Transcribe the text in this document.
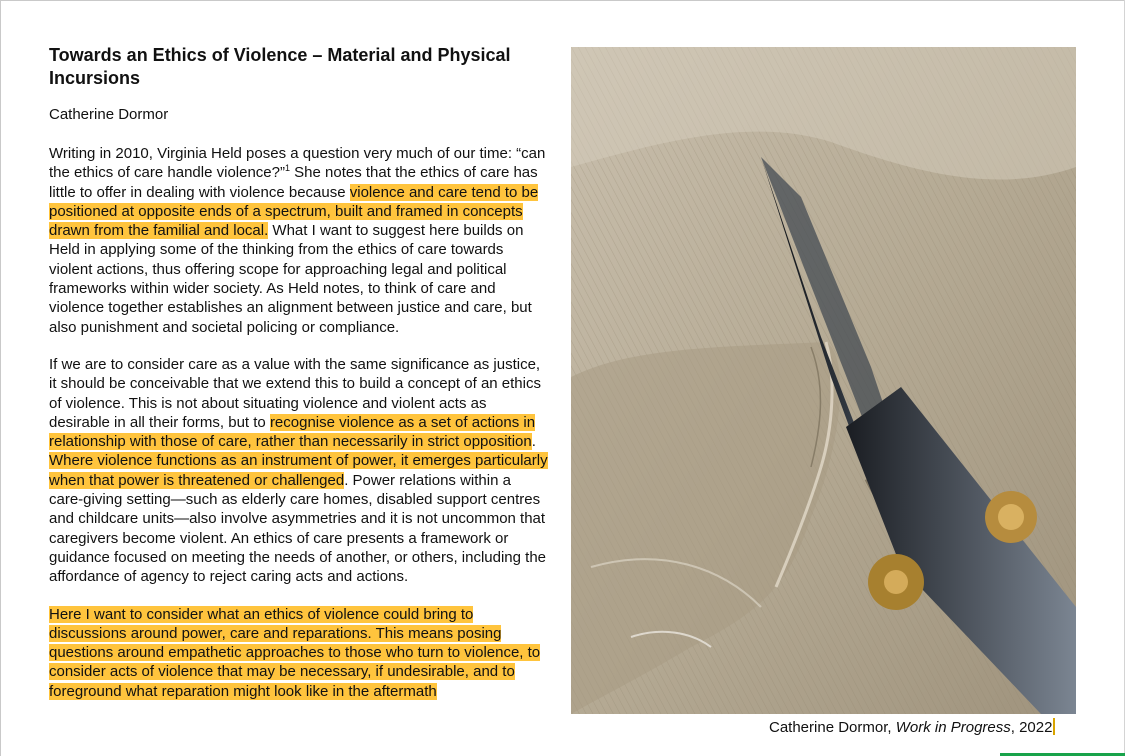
Towards an Ethics of Violence – Material and Physical Incursions

Catherine Dormor

Writing in 2010, Virginia Held poses a question very much of our time: “can the ethics of care handle violence?”$^1$ She notes that the ethics of care has little to offer in dealing with violence because violence and care tend to be positioned at opposite ends of a spectrum, built and framed in concepts drawn from the familial and local. What I want to suggest here builds on Held in applying some of the thinking from the ethics of care towards violent actions, thus offering scope for approaching legal and political frameworks within wider society. As Held notes, to think of care and violence together establishes an alignment between justice and care, but also punishment and societal policing or compliance.

If we are to consider care as a value with the same significance as justice, it should be conceivable that we extend this to build a concept of an ethics of violence. This is not about situating violence and violent acts as desirable in all their forms, but to recognise violence as a set of actions in relationship with those of care, rather than necessarily in strict opposition. Where violence functions as an instrument of power, it emerges particularly when that power is threatened or challenged. Power relations within a care-giving setting—such as elderly care homes, disabled support centres and childcare units—also involve asymmetries and it is not uncommon that caregivers become violent. An ethics of care presents a framework or guidance focused on meeting the needs of another, or others, including the affordance of agency to reject caring acts and actions.

Here I want to consider what an ethics of violence could bring to discussions around power, care and reparations. This means posing questions around empathetic approaches to those who turn to violence, to consider acts of violence that may be necessary, if undesirable, and to foreground what reparation might look like in the aftermath

Catherine Dormor, Work in Progress, 2022
